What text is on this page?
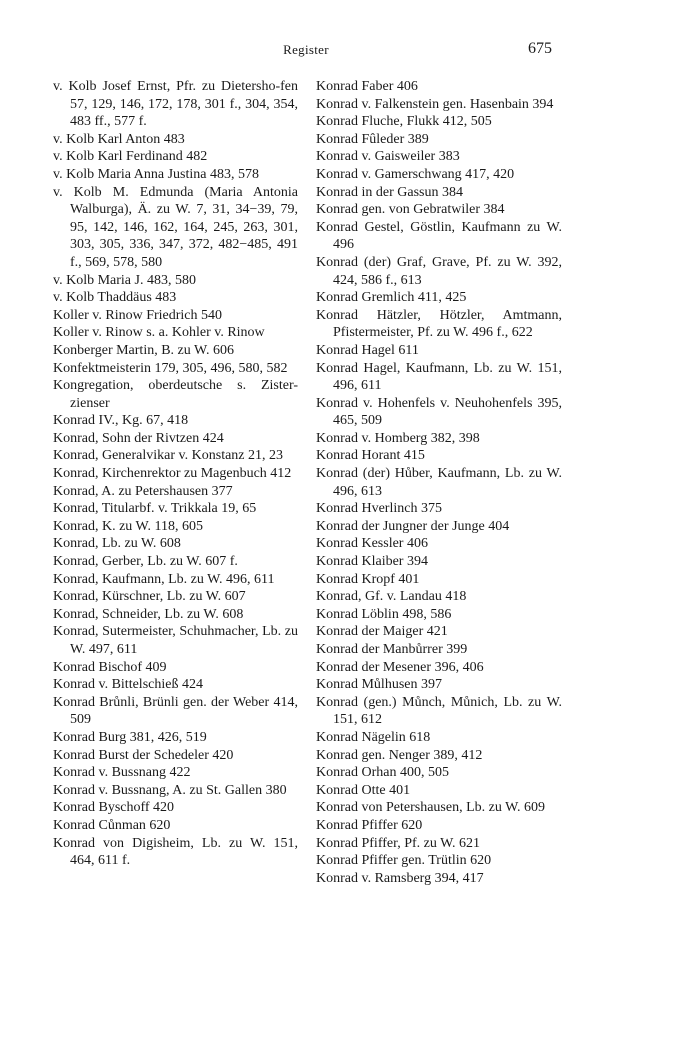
Register	675

v. Kolb Josef Ernst, Pfr. zu Dietersho-fen 57, 129, 146, 172, 178, 301 f., 304, 354, 483 ff., 577 f.

v. Kolb Karl Anton 483

v. Kolb Karl Ferdinand 482

v. Kolb Maria Anna Justina 483, 578

v. Kolb M. Edmunda (Maria Antonia Walburga), Ä. zu W. 7, 31, 34−39, 79, 95, 142, 146, 162, 164, 245, 263, 301, 303, 305, 336, 347, 372, 482−485, 491 f., 569, 578, 580

v. Kolb Maria J. 483, 580

v. Kolb Thaddäus 483

Koller v. Rinow Friedrich 540

Koller v. Rinow s. a. Kohler v. Rinow

Konberger Martin, B. zu W. 606

Konfektmeisterin 179, 305, 496, 580, 582

Kongregation, oberdeutsche s. Zister-zienser

Konrad IV., Kg. 67, 418

Konrad, Sohn der Rivtzen 424

Konrad, Generalvikar v. Konstanz 21, 23

Konrad, Kirchenrektor zu Magenbuch 412

Konrad, A. zu Petershausen 377

Konrad, Titularbf. v. Trikkala 19, 65

Konrad, K. zu W. 118, 605

Konrad, Lb. zu W. 608

Konrad, Gerber, Lb. zu W. 607 f.

Konrad, Kaufmann, Lb. zu W. 496, 611

Konrad, Kürschner, Lb. zu W. 607

Konrad, Schneider, Lb. zu W. 608

Konrad, Sutermeister, Schuhmacher, Lb. zu W. 497, 611

Konrad Bischof 409

Konrad v. Bittelschieß 424

Konrad Brůnli, Brünli gen. der Weber 414, 509

Konrad Burg 381, 426, 519

Konrad Burst der Schedeler 420

Konrad v. Bussnang 422

Konrad v. Bussnang, A. zu St. Gallen 380

Konrad Byschoff 420

Konrad Cůnman 620

Konrad von Digisheim, Lb. zu W. 151, 464, 611 f.

Konrad Faber 406

Konrad v. Falkenstein gen. Hasenbain 394

Konrad Fluche, Flukk 412, 505

Konrad Fûleder 389

Konrad v. Gaisweiler 383

Konrad v. Gamerschwang 417, 420

Konrad in der Gassun 384

Konrad gen. von Gebratwiler 384

Konrad Gestel, Göstlin, Kaufmann zu W. 496

Konrad (der) Graf, Grave, Pf. zu W. 392, 424, 586 f., 613

Konrad Gremlich 411, 425

Konrad Hätzler, Hötzler, Amtmann, Pfistermeister, Pf. zu W. 496 f., 622

Konrad Hagel 611

Konrad Hagel, Kaufmann, Lb. zu W. 151, 496, 611

Konrad v. Hohenfels v. Neuhohenfels 395, 465, 509

Konrad v. Homberg 382, 398

Konrad Horant 415

Konrad (der) Hůber, Kaufmann, Lb. zu W. 496, 613

Konrad Hverlinch 375

Konrad der Jungner der Junge 404

Konrad Kessler 406

Konrad Klaiber 394

Konrad Kropf 401

Konrad, Gf. v. Landau 418

Konrad Löblin 498, 586

Konrad der Maiger 421

Konrad der Manbůrrer 399

Konrad der Mesener 396, 406

Konrad Můlhusen 397

Konrad (gen.) Můnch, Můnich, Lb. zu W. 151, 612

Konrad Nägelin 618

Konrad gen. Nenger 389, 412

Konrad Orhan 400, 505

Konrad Otte 401

Konrad von Petershausen, Lb. zu W. 609

Konrad Pfiffer 620

Konrad Pfiffer, Pf. zu W. 621

Konrad Pfiffer gen. Trütlin 620

Konrad v. Ramsberg 394, 417
